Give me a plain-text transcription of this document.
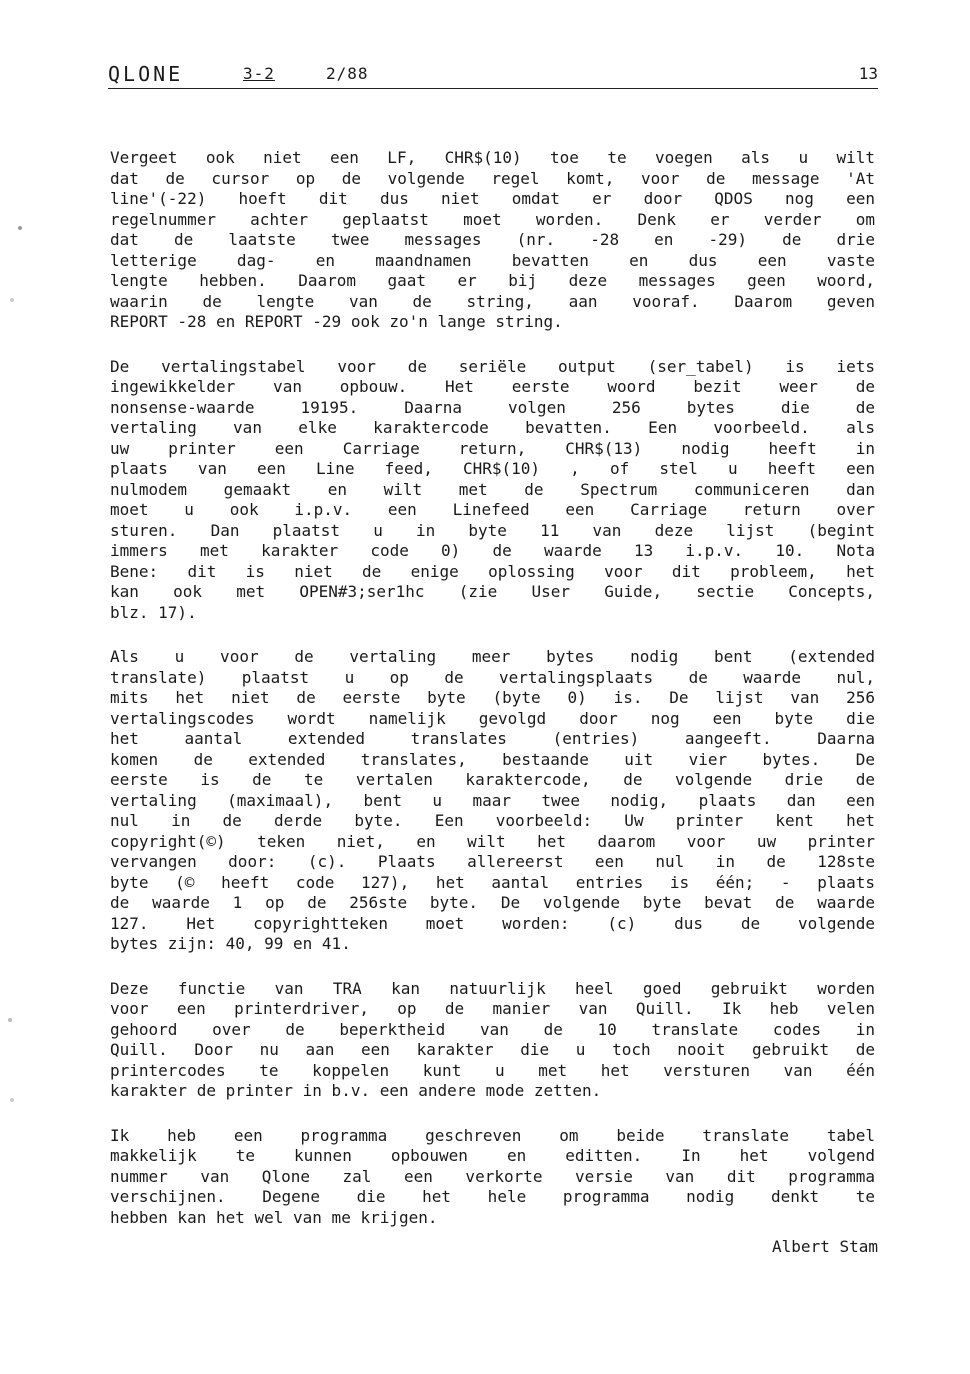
QLONE	3-2	2/88	13
Vergeet ook niet een LF, CHR$(10) toe te voegen als u wilt
dat de cursor op de volgende regel komt, voor de message 'At
line'(-22) hoeft dit dus niet omdat er door QDOS nog een
regelnummer achter geplaatst moet worden. Denk er verder om
dat de laatste twee messages (nr. -28 en -29) de drie
letterige dag- en maandnamen bevatten en dus een vaste
lengte hebben. Daarom gaat er bij deze messages geen woord,
waarin de lengte van de string, aan vooraf. Daarom geven
REPORT -28 en REPORT -29 ook zo'n lange string.
De vertalingstabel voor de seriële output (ser_tabel) is iets
ingewikkelder van opbouw. Het eerste woord bezit weer de
nonsense-waarde 19195. Daarna volgen 256 bytes die de
vertaling van elke karaktercode bevatten. Een voorbeeld. als
uw printer een Carriage return, CHR$(13) nodig heeft in
plaats van een Line feed, CHR$(10) , of stel u heeft een
nulmodem gemaakt en wilt met de Spectrum communiceren dan
moet u ook i.p.v. een Linefeed een Carriage return over
sturen. Dan plaatst u in byte 11 van deze lijst (begint
immers met karakter code 0) de waarde 13 i.p.v. 10. Nota
Bene: dit is niet de enige oplossing voor dit probleem, het
kan ook met OPEN#3;ser1hc (zie User Guide, sectie Concepts,
blz. 17).
Als u voor de vertaling meer bytes nodig bent (extended
translate) plaatst u op de vertalingsplaats de waarde nul,
mits het niet de eerste byte (byte 0) is. De lijst van 256
vertalingscodes wordt namelijk gevolgd door nog een byte die
het aantal extended translates (entries) aangeeft. Daarna
komen de extended translates, bestaande uit vier bytes. De
eerste is de te vertalen karaktercode, de volgende drie de
vertaling (maximaal), bent u maar twee nodig, plaats dan een
nul in de derde byte. Een voorbeeld: Uw printer kent het
copyright(©) teken niet, en wilt het daarom voor uw printer
vervangen door: (c). Plaats allereerst een nul in de 128ste
byte (© heeft code 127), het aantal entries is één; - plaats
de waarde 1 op de 256ste byte. De volgende byte bevat de waarde
127. Het copyrightteken moet worden: (c) dus de volgende
bytes zijn: 40, 99 en 41.
Deze functie van TRA kan natuurlijk heel goed gebruikt worden
voor een printerdriver, op de manier van Quill. Ik heb velen
gehoord over de beperktheid van de 10 translate codes in
Quill. Door nu aan een karakter die u toch nooit gebruikt de
printercodes te koppelen kunt u met het versturen van één
karakter de printer in b.v. een andere mode zetten.
Ik heb een programma geschreven om beide translate tabel
makkelijk te kunnen opbouwen en editten. In het volgend
nummer van Qlone zal een verkorte versie van dit programma
verschijnen. Degene die het hele programma nodig denkt te
hebben kan het wel van me krijgen.
Albert Stam
